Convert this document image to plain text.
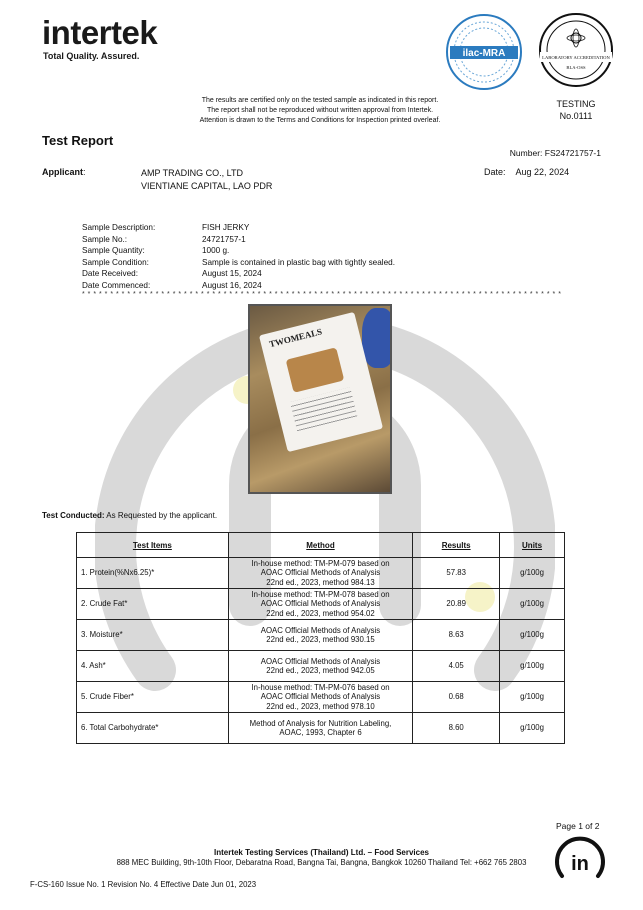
intertek
Total Quality. Assured.	ilac-MRA	LABORATORY ACCREDITATION
BLA-OSS
The results are certified only on the tested sample as indicated in this report.
The report shall not be reproduced without written approval from Intertek.
Attention is drawn to the Terms and Conditions for Inspection printed overleaf.
TESTING
No.0111
Test Report
Number: FS24721757-1
Applicant:	AMP TRADING CO., LTD
VIENTIANE CAPITAL, LAO PDR
Date: Aug 22, 2024
Sample Description:	FISH JERKY
Sample No.:	24721757-1
Sample Quantity:	1000 g.
Sample Condition:	Sample is contained in plastic bag with tightly sealed.
Date Received:	August 15, 2024
Date Commenced:	August 16, 2024
* * * * * * * * * * * * * * * * * * * * * * * * * * * * * * * * * * * * * * * * * * * * * * * * * * * * * * * * * * * * * * * * * * * * * * * * * * * * * * * * * * * * *
TWOMEALS
Test Conducted: As Requested by the applicant.
Test Items	Method	Results	Units
1. Protein(%Nx6.25)*	In-house method: TM-PM-079 based on
AOAC Official Methods of Analysis
22nd ed., 2023, method 984.13	57.83	g/100g
2. Crude Fat*	In-house method: TM-PM-078 based on
AOAC Official Methods of Analysis
22nd ed., 2023, method 954.02	20.89	g/100g
3. Moisture*	AOAC Official Methods of Analysis
22nd ed., 2023, method 930.15	8.63	g/100g
4. Ash*	AOAC Official Methods of Analysis
22nd ed., 2023, method 942.05	4.05	g/100g
5. Crude Fiber*	In-house method: TM-PM-076 based on
AOAC Official Methods of Analysis
22nd ed., 2023, method 978.10	0.68	g/100g
6. Total Carbohydrate*	Method of Analysis for Nutrition Labeling,
AOAC, 1993, Chapter 6	8.60	g/100g
Page 1 of 2
in
Intertek Testing Services (Thailand) Ltd. – Food Services
888 MEC Building, 9th-10th Floor, Debaratna Road, Bangna Tai, Bangna, Bangkok 10260 Thailand Tel: +662 765 2803
F-CS-160 Issue No. 1 Revision No. 4 Effective Date Jun 01, 2023
